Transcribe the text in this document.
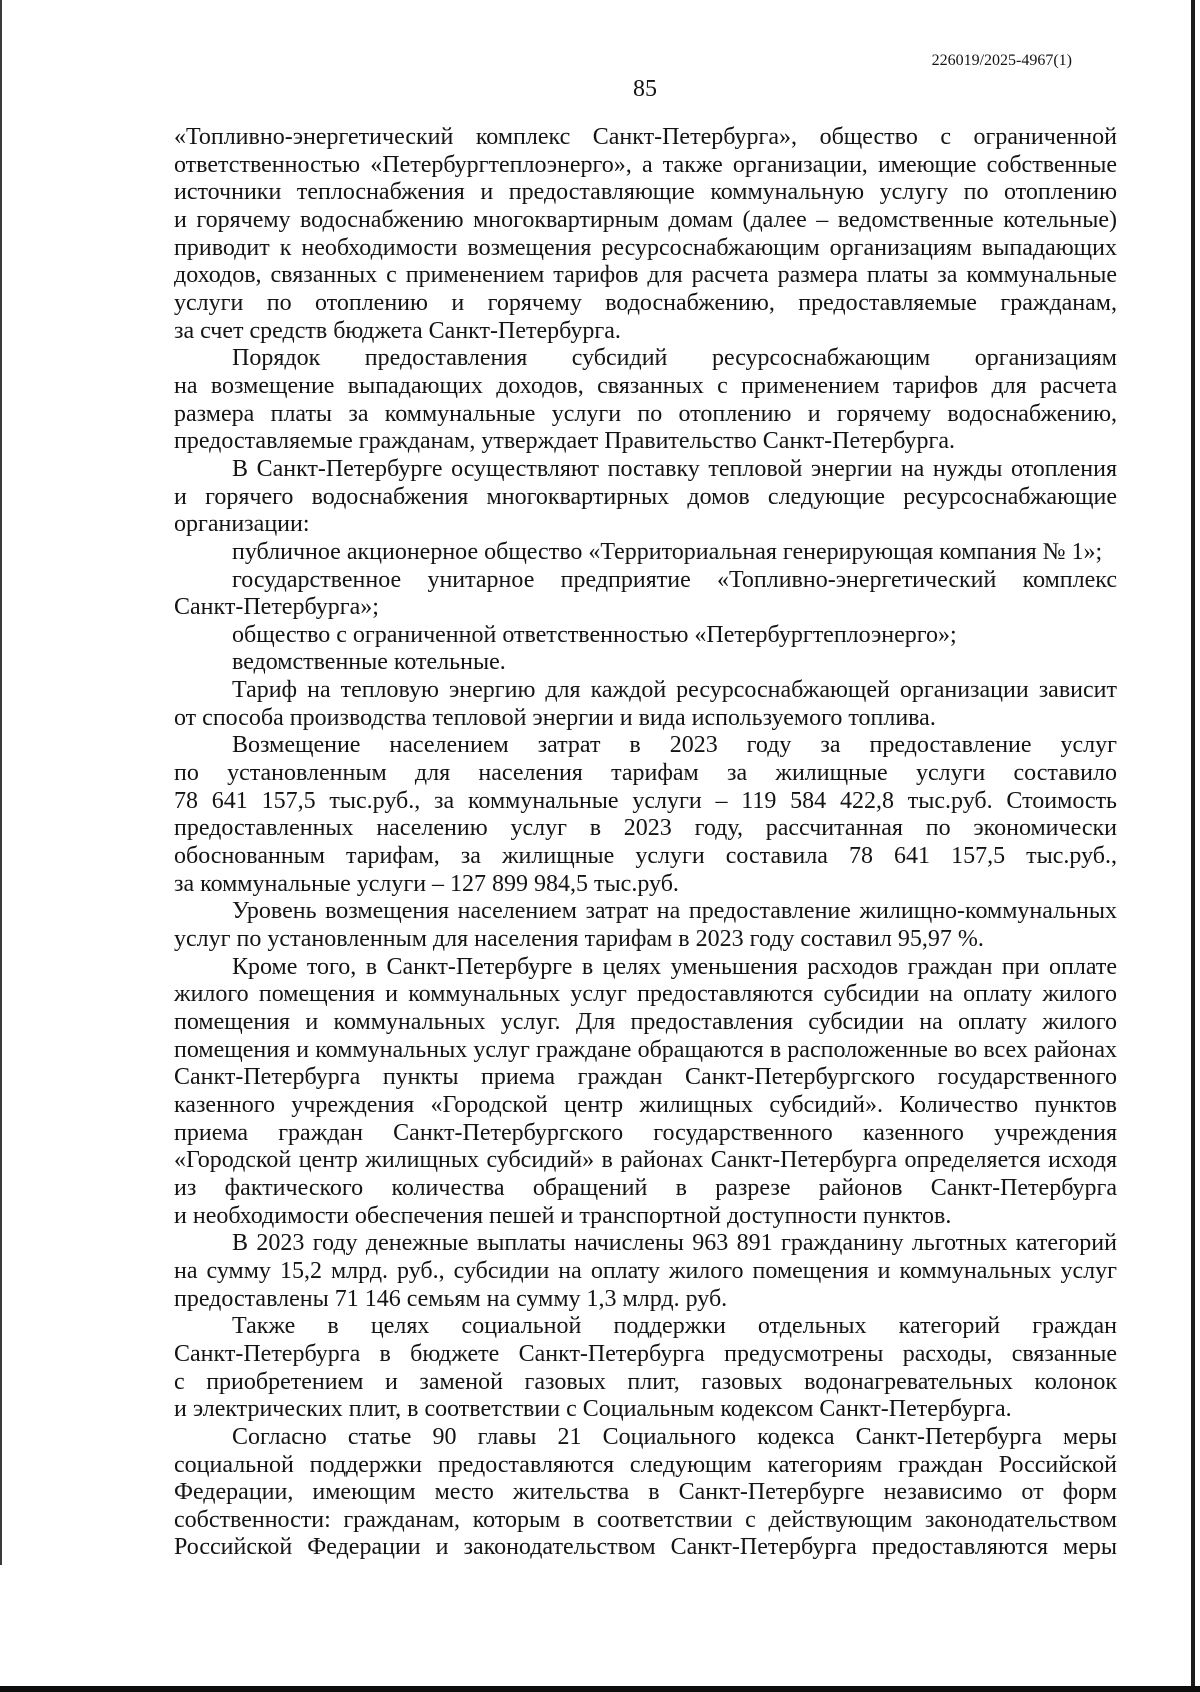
226019/2025-4967(1)
85
«Топливно-энергетический комплекс Санкт-Петербурга», общество с ограниченной
ответственностью «Петербургтеплоэнерго», а также организации, имеющие собственные
источники теплоснабжения и предоставляющие коммунальную услугу по отоплению
и горячему водоснабжению многоквартирным домам (далее – ведомственные котельные)
приводит к необходимости возмещения ресурсоснабжающим организациям выпадающих
доходов, связанных с применением тарифов для расчета размера платы за коммунальные
услуги по отоплению и горячему водоснабжению, предоставляемые гражданам,
за счет средств бюджета Санкт-Петербурга.
Порядок предоставления субсидий ресурсоснабжающим организациям
на возмещение выпадающих доходов, связанных с применением тарифов для расчета
размера платы за коммунальные услуги по отоплению и горячему водоснабжению,
предоставляемые гражданам, утверждает Правительство Санкт-Петербурга.
В Санкт-Петербурге осуществляют поставку тепловой энергии на нужды отопления
и горячего водоснабжения многоквартирных домов следующие ресурсоснабжающие
организации:
публичное акционерное общество «Территориальная генерирующая компания № 1»;
государственное унитарное предприятие «Топливно-энергетический комплекс
Санкт-Петербурга»;
общество с ограниченной ответственностью «Петербургтеплоэнерго»;
ведомственные котельные.
Тариф на тепловую энергию для каждой ресурсоснабжающей организации зависит
от способа производства тепловой энергии и вида используемого топлива.
Возмещение населением затрат в 2023 году за предоставление услуг
по установленным для населения тарифам за жилищные услуги составило
78 641 157,5 тыс.руб., за коммунальные услуги – 119 584 422,8 тыс.руб. Стоимость
предоставленных населению услуг в 2023 году, рассчитанная по экономически
обоснованным тарифам, за жилищные услуги составила 78 641 157,5 тыс.руб.,
за коммунальные услуги – 127 899 984,5 тыс.руб.
Уровень возмещения населением затрат на предоставление жилищно-коммунальных
услуг по установленным для населения тарифам в 2023 году составил 95,97 %.
Кроме того, в Санкт-Петербурге в целях уменьшения расходов граждан при оплате
жилого помещения и коммунальных услуг предоставляются субсидии на оплату жилого
помещения и коммунальных услуг. Для предоставления субсидии на оплату жилого
помещения и коммунальных услуг граждане обращаются в расположенные во всех районах
Санкт-Петербурга пункты приема граждан Санкт-Петербургского государственного
казенного учреждения «Городской центр жилищных субсидий». Количество пунктов
приема граждан Санкт-Петербургского государственного казенного учреждения
«Городской центр жилищных субсидий» в районах Санкт-Петербурга определяется исходя
из фактического количества обращений в разрезе районов Санкт-Петербурга
и необходимости обеспечения пешей и транспортной доступности пунктов.
В 2023 году денежные выплаты начислены 963 891 гражданину льготных категорий
на сумму 15,2 млрд. руб., субсидии на оплату жилого помещения и коммунальных услуг
предоставлены 71 146 семьям на сумму 1,3 млрд. руб.
Также в целях социальной поддержки отдельных категорий граждан
Санкт-Петербурга в бюджете Санкт-Петербурга предусмотрены расходы, связанные
с приобретением и заменой газовых плит, газовых водонагревательных колонок
и электрических плит, в соответствии с Социальным кодексом Санкт-Петербурга.
Согласно статье 90 главы 21 Социального кодекса Санкт-Петербурга меры
социальной поддержки предоставляются следующим категориям граждан Российской
Федерации, имеющим место жительства в Санкт-Петербурге независимо от форм
собственности: гражданам, которым в соответствии с действующим законодательством
Российской Федерации и законодательством Санкт-Петербурга предоставляются меры
